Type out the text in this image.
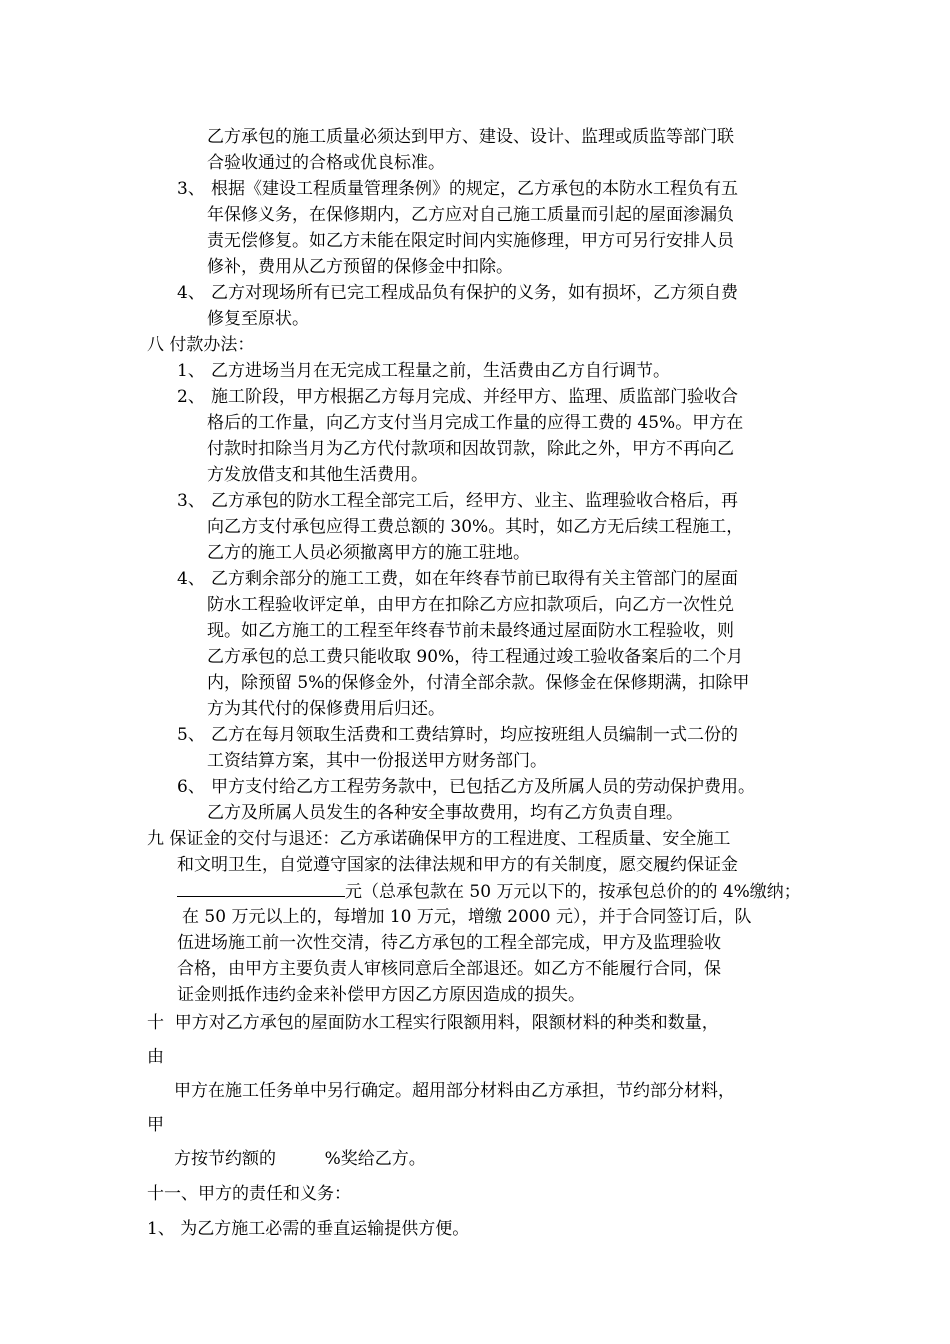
乙方承包的施工质量必须达到甲方、建设、设计、监理或质监等部门联
合验收通过的合格或优良标准。
3、 根据《建设工程质量管理条例》的规定，乙方承包的本防水工程负有五
年保修义务，在保修期内，乙方应对自己施工质量而引起的屋面渗漏负
责无偿修复。如乙方未能在限定时间内实施修理，甲方可另行安排人员
修补，费用从乙方预留的保修金中扣除。
4、 乙方对现场所有已完工程成品负有保护的义务，如有损坏，乙方须自费
修复至原状。
八 付款办法：
1、 乙方进场当月在无完成工程量之前，生活费由乙方自行调节。
2、 施工阶段，甲方根据乙方每月完成、并经甲方、监理、质监部门验收合
格后的工作量，向乙方支付当月完成工作量的应得工费的 45%。甲方在
付款时扣除当月为乙方代付款项和因故罚款，除此之外，甲方不再向乙
方发放借支和其他生活费用。
3、 乙方承包的防水工程全部完工后，经甲方、业主、监理验收合格后，再
向乙方支付承包应得工费总额的 30%。其时，如乙方无后续工程施工，
乙方的施工人员必须撤离甲方的施工驻地。
4、 乙方剩余部分的施工工费，如在年终春节前已取得有关主管部门的屋面
防水工程验收评定单，由甲方在扣除乙方应扣款项后，向乙方一次性兑
现。如乙方施工的工程至年终春节前未最终通过屋面防水工程验收，则
乙方承包的总工费只能收取 90%，待工程通过竣工验收备案后的二个月
内，除预留 5%的保修金外，付清全部余款。保修金在保修期满，扣除甲
方为其代付的保修费用后归还。
5、 乙方在每月领取生活费和工费结算时，均应按班组人员编制一式二份的
工资结算方案，其中一份报送甲方财务部门。
6、 甲方支付给乙方工程劳务款中，已包括乙方及所属人员的劳动保护费用。
乙方及所属人员发生的各种安全事故费用，均有乙方负责自理。
九 保证金的交付与退还：乙方承诺确保甲方的工程进度、工程质量、安全施工
和文明卫生，自觉遵守国家的法律法规和甲方的有关制度，愿交履约保证金
元（总承包款在 50 万元以下的，按承包总价的的 4%缴纳；
在 50 万元以上的，每增加 10 万元，增缴 2000 元），并于合同签订后，队
伍进场施工前一次性交清，待乙方承包的工程全部完成，甲方及监理验收
合格，由甲方主要负责人审核同意后全部退还。如乙方不能履行合同，保
证金则抵作违约金来补偿甲方因乙方原因造成的损失。
十  甲方对乙方承包的屋面防水工程实行限额用料，限额材料的种类和数量，
由
甲方在施工任务单中另行确定。超用部分材料由乙方承担，节约部分材料，
甲
方按节约额的         %奖给乙方。
十一、甲方的责任和义务：
1、 为乙方施工必需的垂直运输提供方便。
